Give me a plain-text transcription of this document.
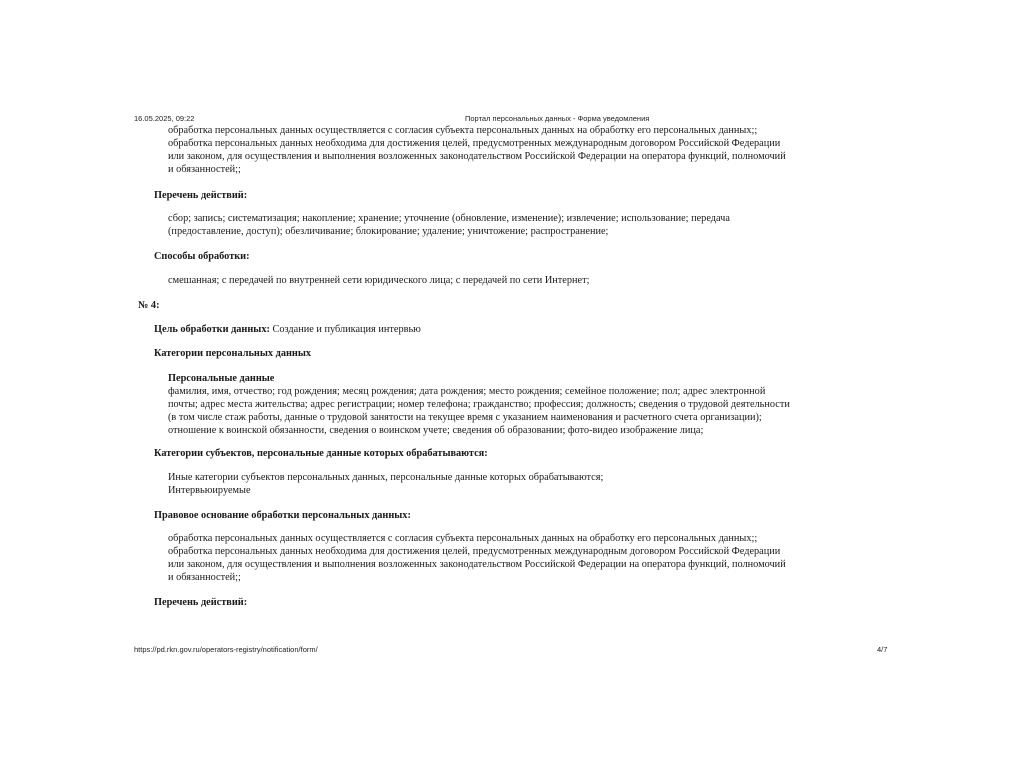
16.05.2025, 09:22	Портал персональных данных - Форма уведомления
обработка персональных данных осуществляется с согласия субъекта персональных данных на обработку его персональных данных;;
обработка персональных данных необходима для достижения целей, предусмотренных международным договором Российской Федерации
или законом, для осуществления и выполнения возложенных законодательством Российской Федерации на оператора функций, полномочий
и обязанностей;;
Перечень действий:
сбор; запись; систематизация; накопление; хранение; уточнение (обновление, изменение); извлечение; использование; передача
(предоставление, доступ); обезличивание; блокирование; удаление; уничтожение; распространение;
Способы обработки:
смешанная; с передачей по внутренней сети юридического лица; с передачей по сети Интернет;
№ 4:
Цель обработки данных: Создание и публикация интервью
Категории персональных данных
Персональные данные
фамилия, имя, отчество; год рождения; месяц рождения; дата рождения; место рождения; семейное положение; пол; адрес электронной
почты; адрес места жительства; адрес регистрации; номер телефона; гражданство; профессия; должность; сведения о трудовой деятельности
(в том числе стаж работы, данные о трудовой занятости на текущее время с указанием наименования и расчетного счета организации);
отношение к воинской обязанности, сведения о воинском учете; сведения об образовании; фото-видео изображение лица;
Категории субъектов, персональные данные которых обрабатываются:
Иные категории субъектов персональных данных, персональные данные которых обрабатываются;
Интервьюируемые
Правовое основание обработки персональных данных:
обработка персональных данных осуществляется с согласия субъекта персональных данных на обработку его персональных данных;;
обработка персональных данных необходима для достижения целей, предусмотренных международным договором Российской Федерации
или законом, для осуществления и выполнения возложенных законодательством Российской Федерации на оператора функций, полномочий
и обязанностей;;
Перечень действий:
https://pd.rkn.gov.ru/operators-registry/notification/form/	4/7
